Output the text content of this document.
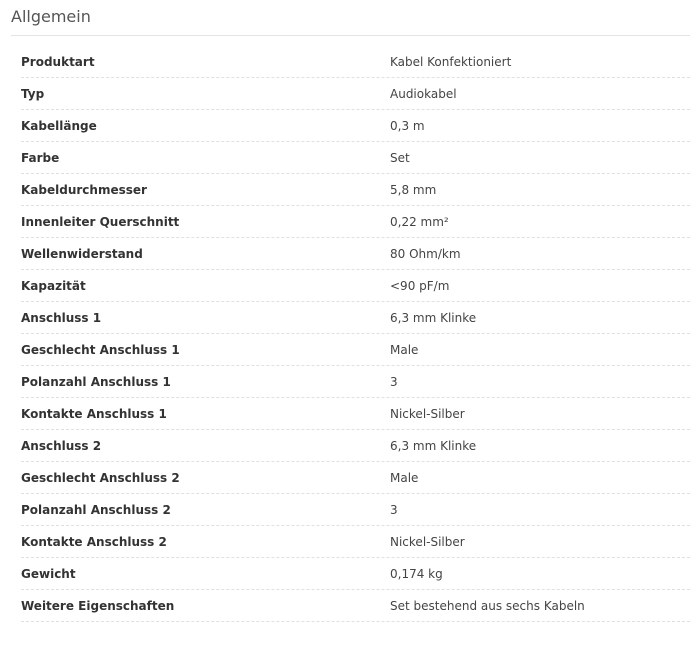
Allgemein
Produktart	Kabel Konfektioniert
Typ	Audiokabel
Kabellänge	0,3 m
Farbe	Set
Kabeldurchmesser	5,8 mm
Innenleiter Querschnitt	0,22 mm²
Wellenwiderstand	80 Ohm/km
Kapazität	<90 pF/m
Anschluss 1	6,3 mm Klinke
Geschlecht Anschluss 1	Male
Polanzahl Anschluss 1	3
Kontakte Anschluss 1	Nickel-Silber
Anschluss 2	6,3 mm Klinke
Geschlecht Anschluss 2	Male
Polanzahl Anschluss 2	3
Kontakte Anschluss 2	Nickel-Silber
Gewicht	0,174 kg
Weitere Eigenschaften	Set bestehend aus sechs Kabeln
